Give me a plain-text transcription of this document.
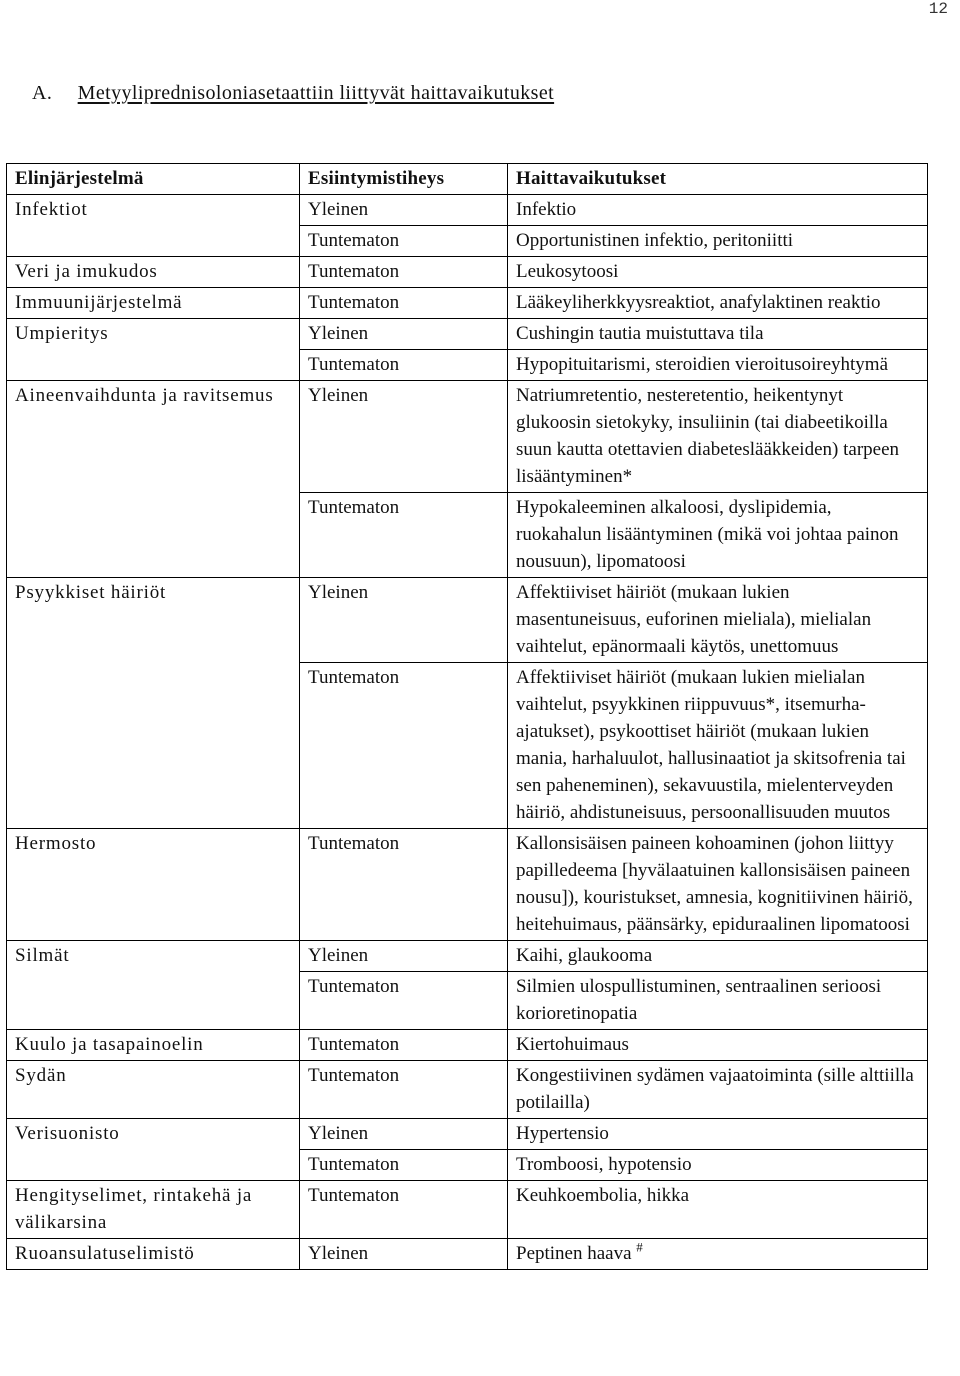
12
A. Metyyliprednisoloniasetaattiin liittyvät haittavaikutukset
Elinjärjestelmä	Esiintymistiheys	Haittavaikutukset
Infektiot	Yleinen	Infektio
	Tuntematon	Opportunistinen infektio, peritoniitti
Veri ja imukudos	Tuntematon	Leukosytoosi
Immuunijärjestelmä	Tuntematon	Lääkeyliherkkyysreaktiot, anafylaktinen reaktio
Umpieritys	Yleinen	Cushingin tautia muistuttava tila
	Tuntematon	Hypopituitarismi, steroidien vieroitusoireyhtymä
Aineenvaihdunta ja ravitsemus	Yleinen	Natriumretentio, nesteretentio, heikentynyt glukoosin sietokyky, insuliinin (tai diabeetikoilla suun kautta otettavien diabeteslääkkeiden) tarpeen lisääntyminen*
	Tuntematon	Hypokaleeminen alkaloosi, dyslipidemia, ruokahalun lisääntyminen (mikä voi johtaa painon nousuun), lipomatoosi
Psyykkiset häiriöt	Yleinen	Affektiiviset häiriöt (mukaan lukien masentuneisuus, euforinen mieliala), mielialan vaihtelut, epänormaali käytös, unettomuus
	Tuntematon	Affektiiviset häiriöt (mukaan lukien mielialan vaihtelut, psyykkinen riippuvuus*, itsemurha-ajatukset), psykoottiset häiriöt (mukaan lukien mania, harhaluulot, hallusinaatiot ja skitsofrenia tai sen paheneminen), sekavuustila, mielenterveyden häiriö, ahdistuneisuus, persoonallisuuden muutos
Hermosto	Tuntematon	Kallonsisäisen paineen kohoaminen (johon liittyy papilledeema [hyvälaatuinen kallonsisäisen paineen nousu]), kouristukset, amnesia, kognitiivinen häiriö, heitehuimaus, päänsärky, epiduraalinen lipomatoosi
Silmät	Yleinen	Kaihi, glaukooma
	Tuntematon	Silmien ulospullistuminen, sentraalinen serioosi korioretinopatia
Kuulo ja tasapainoelin	Tuntematon	Kiertohuimaus
Sydän	Tuntematon	Kongestiivinen sydämen vajaatoiminta (sille alttiilla potilailla)
Verisuonisto	Yleinen	Hypertensio
	Tuntematon	Tromboosi, hypotensio
Hengityselimet, rintakehä ja välikarsina	Tuntematon	Keuhkoembolia, hikka
Ruoansulatuselimistö	Yleinen	Peptinen haava #
